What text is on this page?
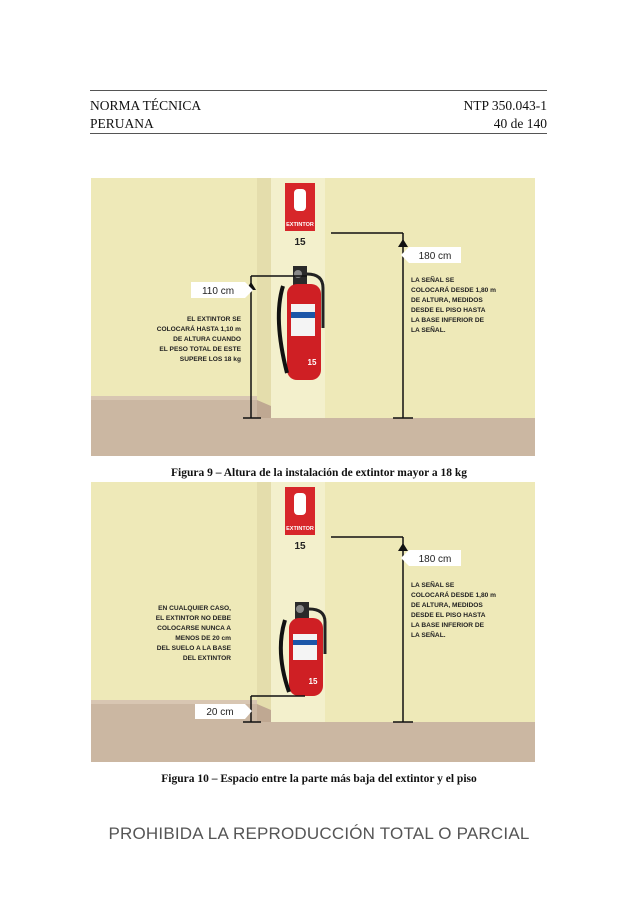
NORMA TÉCNICA
PERUANA
NTP 350.043-1
40 de 140
EXTINTOR
15
15
110 cm
180 cm
EL EXTINTOR SE
COLOCARÁ HASTA 1,10 m
DE ALTURA CUANDO
EL PESO TOTAL DE ESTE
SUPERE LOS 18 kg
LA SEÑAL SE
COLOCARÁ DESDE 1,80 m
DE ALTURA, MEDIDOS
DESDE EL PISO HASTA
LA BASE INFERIOR DE
LA SEÑAL.
Figura 9 – Altura de la instalación de extintor mayor a 18 kg
EXTINTOR
15
15
20 cm
180 cm
EN CUALQUIER CASO,
EL EXTINTOR NO DEBE
COLOCARSE NUNCA A
MENOS DE 20 cm
DEL SUELO A LA BASE
DEL EXTINTOR
LA SEÑAL SE
COLOCARÁ DESDE 1,80 m
DE ALTURA, MEDIDOS
DESDE EL PISO HASTA
LA BASE INFERIOR DE
LA SEÑAL.
Figura 10 – Espacio entre la parte más baja del extintor y el piso
PROHIBIDA LA REPRODUCCIÓN TOTAL O PARCIAL
